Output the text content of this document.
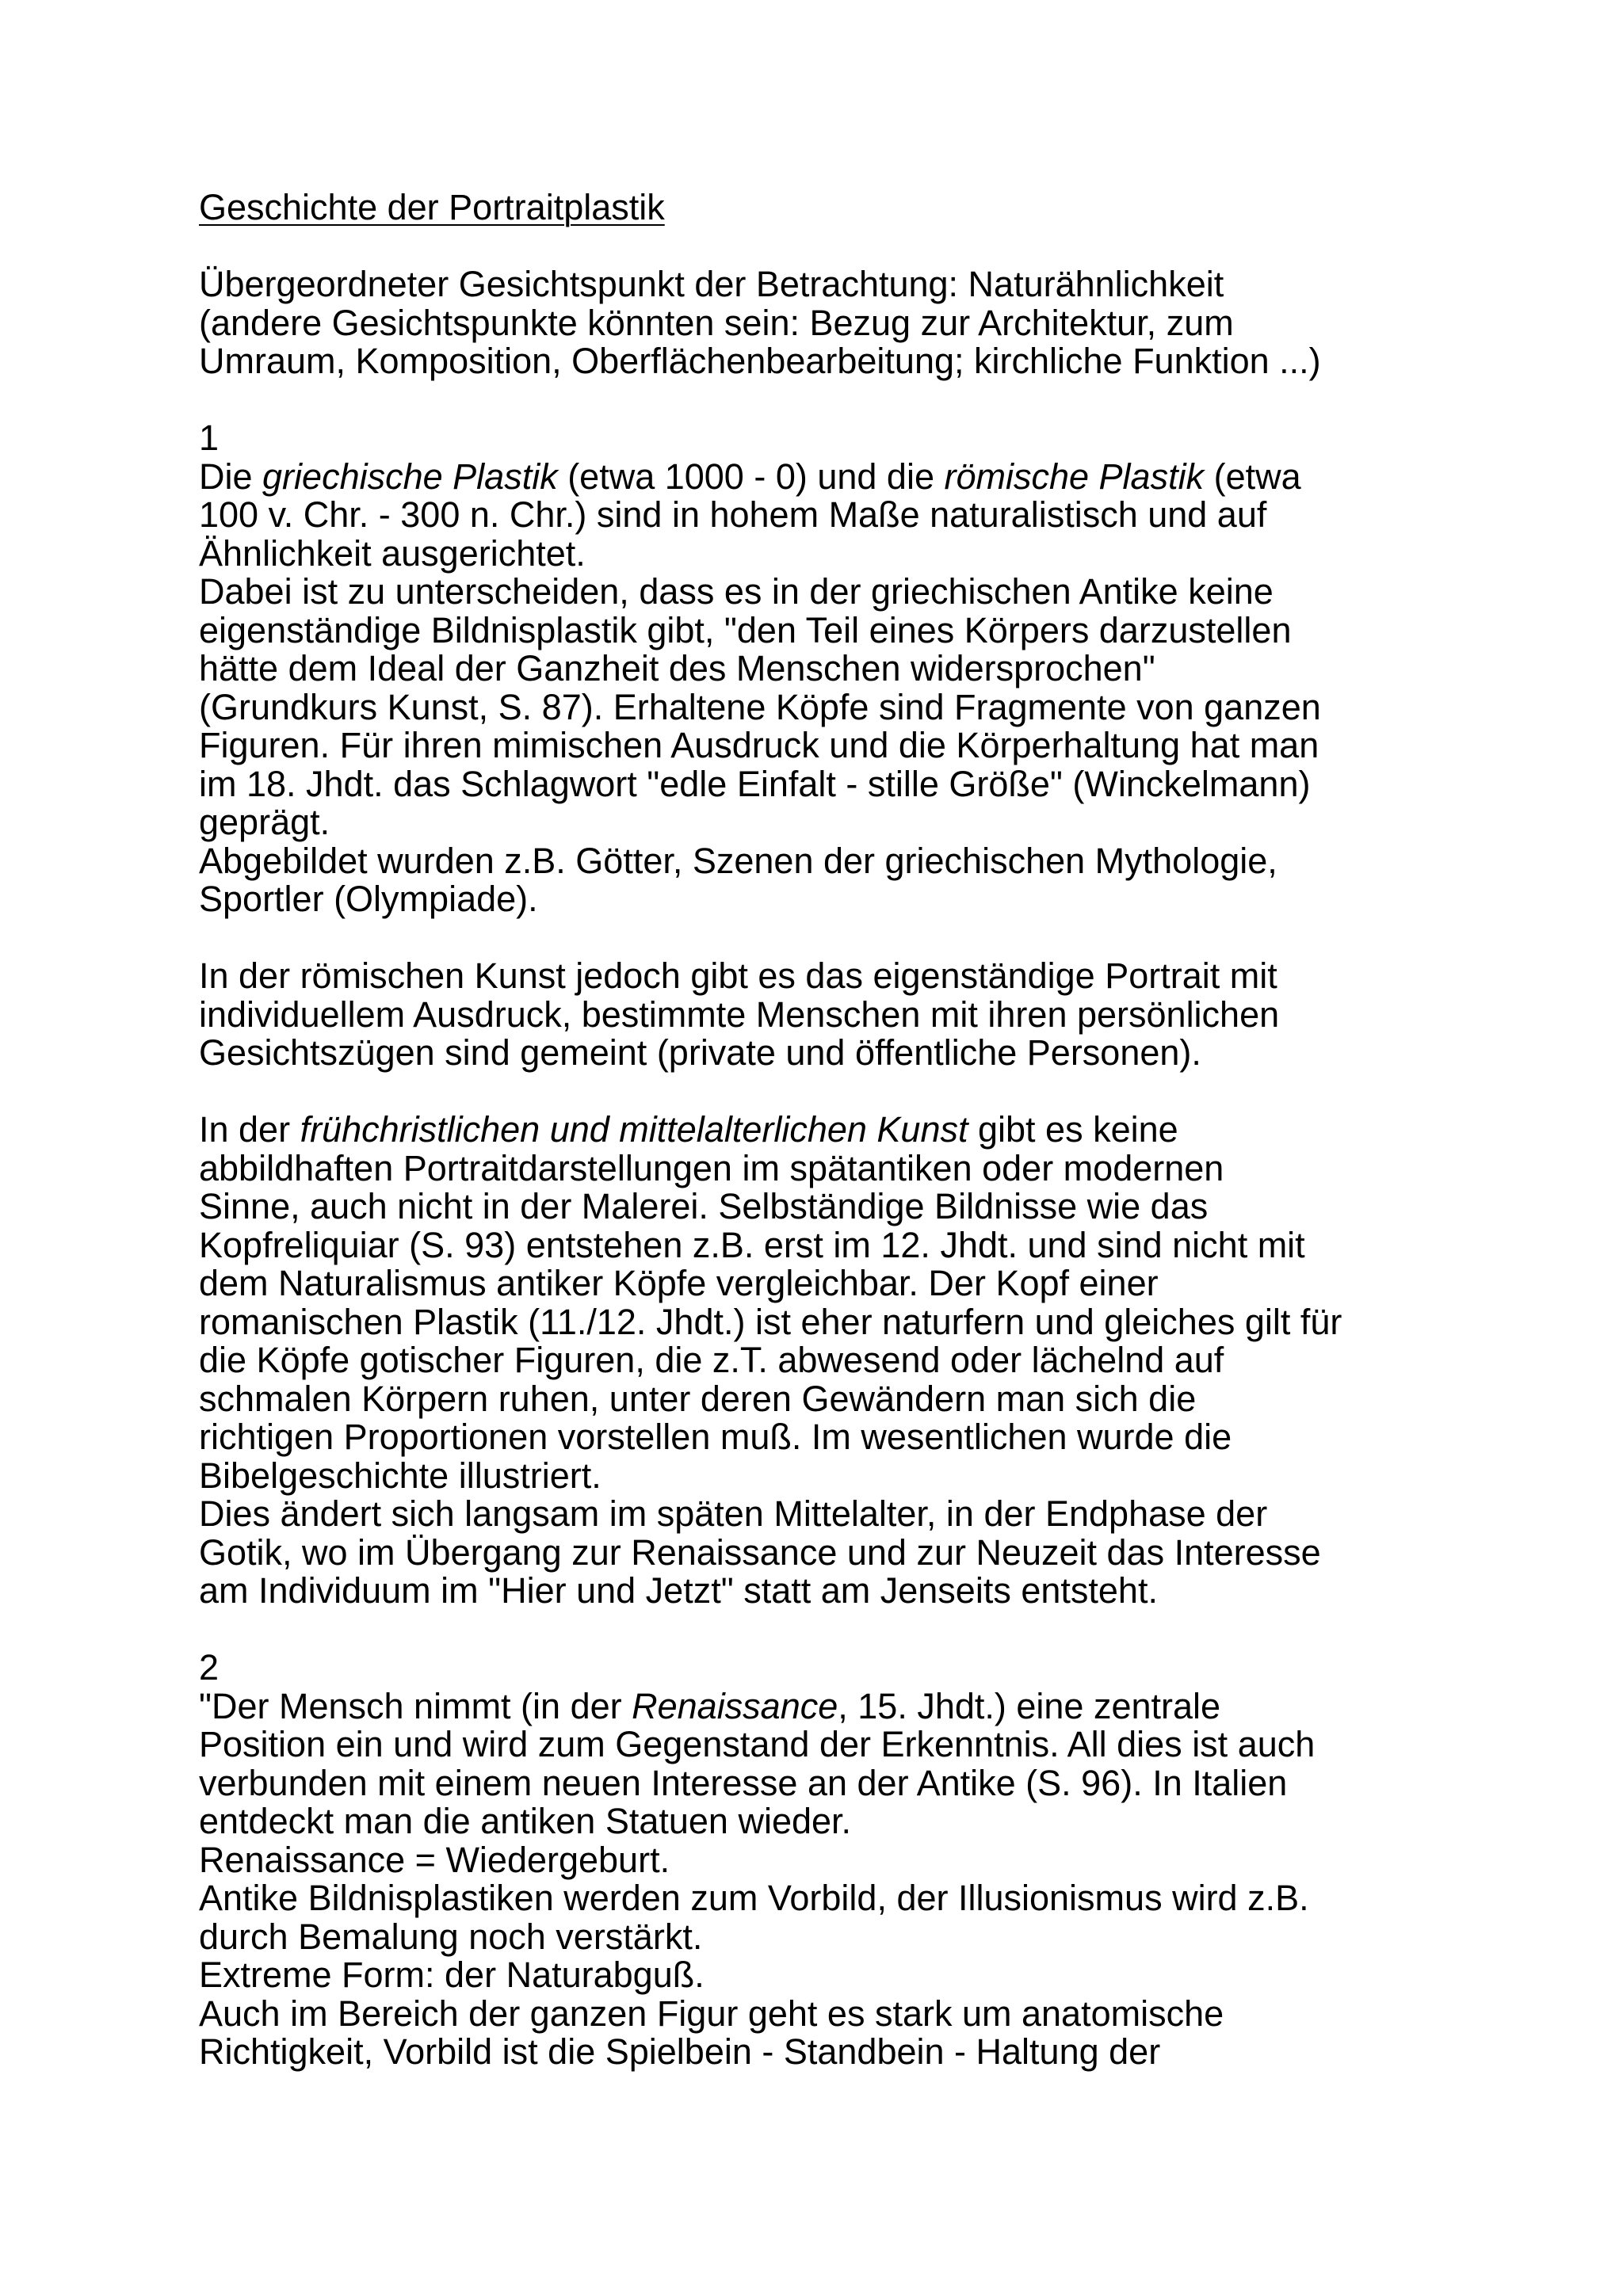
Geschichte der Portraitplastik

Übergeordneter Gesichtspunkt der Betrachtung: Naturähnlichkeit
(andere Gesichtspunkte könnten sein: Bezug zur Architektur, zum
Umraum, Komposition, Oberflächenbearbeitung; kirchliche Funktion ...)

1

Die griechische Plastik (etwa 1000 - 0) und die römische Plastik (etwa
100 v. Chr. - 300 n. Chr.) sind in hohem Maße naturalistisch und auf
Ähnlichkeit ausgerichtet.

Dabei ist zu unterscheiden, dass es in der griechischen Antike keine
eigenständige Bildnisplastik gibt, "den Teil eines Körpers darzustellen
hätte dem Ideal der Ganzheit des Menschen widersprochen"
(Grundkurs Kunst, S. 87). Erhaltene Köpfe sind Fragmente von ganzen
Figuren. Für ihren mimischen Ausdruck und die Körperhaltung hat man
im 18. Jhdt. das Schlagwort "edle Einfalt - stille Größe" (Winckelmann)
geprägt.
Abgebildet wurden z.B. Götter, Szenen der griechischen Mythologie,
Sportler (Olympiade).

In der römischen Kunst jedoch gibt es das eigenständige Portrait mit
individuellem Ausdruck, bestimmte Menschen mit ihren persönlichen
Gesichtszügen sind gemeint (private und öffentliche Personen).

In der frühchristlichen und mittelalterlichen Kunst gibt es keine
abbildhaften Portraitdarstellungen im spätantiken oder modernen
Sinne, auch nicht in der Malerei. Selbständige Bildnisse wie das
Kopfreliquiar (S. 93) entstehen z.B. erst im 12. Jhdt. und sind nicht mit
dem Naturalismus antiker Köpfe vergleichbar. Der Kopf einer
romanischen Plastik (11./12. Jhdt.) ist eher naturfern und gleiches gilt für
die Köpfe gotischer Figuren, die z.T. abwesend oder lächelnd auf
schmalen Körpern ruhen, unter deren Gewändern man sich die
richtigen Proportionen vorstellen muß. Im wesentlichen wurde die
Bibelgeschichte illustriert.
Dies ändert sich langsam im späten Mittelalter, in der Endphase der
Gotik, wo im Übergang zur Renaissance und zur Neuzeit das Interesse
am Individuum im "Hier und Jetzt" statt am Jenseits entsteht.

2

"Der Mensch nimmt (in der Renaissance, 15. Jhdt.) eine zentrale
Position ein und wird zum Gegenstand der Erkenntnis. All dies ist auch
verbunden mit einem neuen Interesse an der Antike (S. 96). In Italien
entdeckt man die antiken Statuen wieder.
Renaissance = Wiedergeburt.
Antike Bildnisplastiken werden zum Vorbild, der Illusionismus wird z.B.
durch Bemalung noch verstärkt.
Extreme Form: der Naturabguß.
Auch im Bereich der ganzen Figur geht es stark um anatomische
Richtigkeit, Vorbild ist die Spielbein - Standbein - Haltung der
